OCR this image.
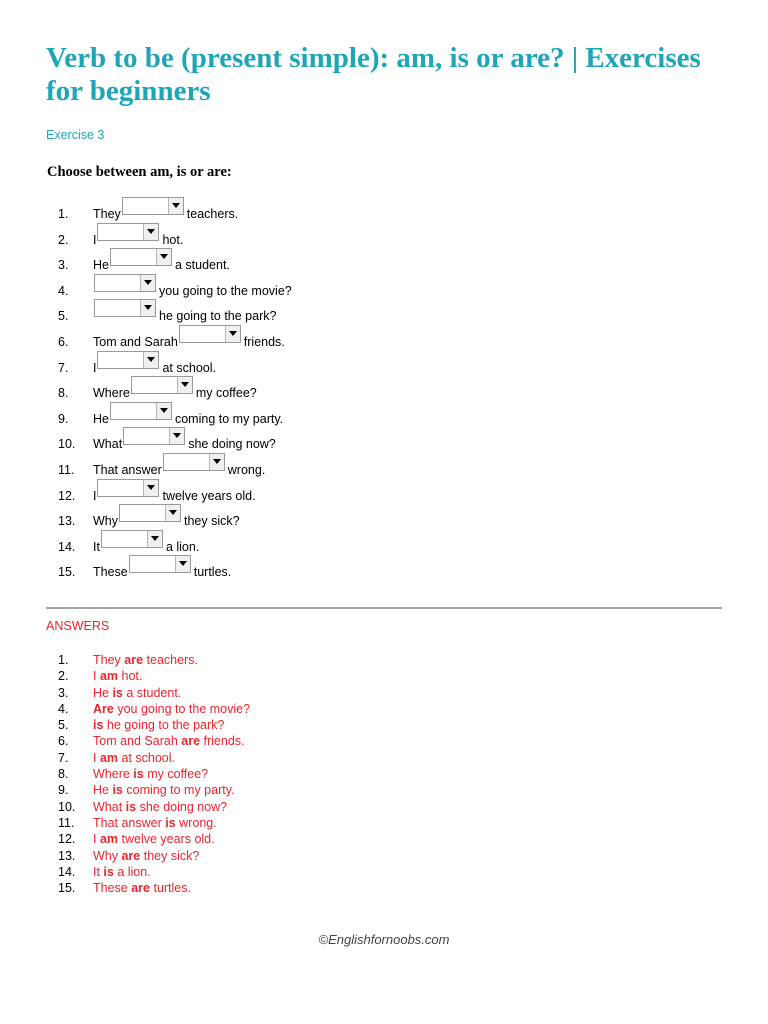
Verb to be (present simple): am, is or are? | Exercises for beginners
Exercise 3
Choose between am, is or are:
1.	They	teachers.
2.	I	hot.
3.	He	a student.
4.	you going to the movie?
5.	he going to the park?
6.	Tom and Sarah	friends.
7.	I	at school.
8.	Where	my coffee?
9.	He	coming to my party.
10.	What	she doing now?
11.	That answer	wrong.
12.	I	twelve years old.
13.	Why	they sick?
14.	It	a lion.
15.	These	turtles.
ANSWERS
1. They are teachers.
2. I am hot.
3. He is a student.
4. Are you going to the movie?
5. is he going to the park?
6. Tom and Sarah are friends.
7. I am at school.
8. Where is my coffee?
9. He is coming to my party.
10. What is she doing now?
11. That answer is wrong.
12. I am twelve years old.
13. Why are they sick?
14. It is a lion.
15. These are turtles.
©Englishfornoobs.com
